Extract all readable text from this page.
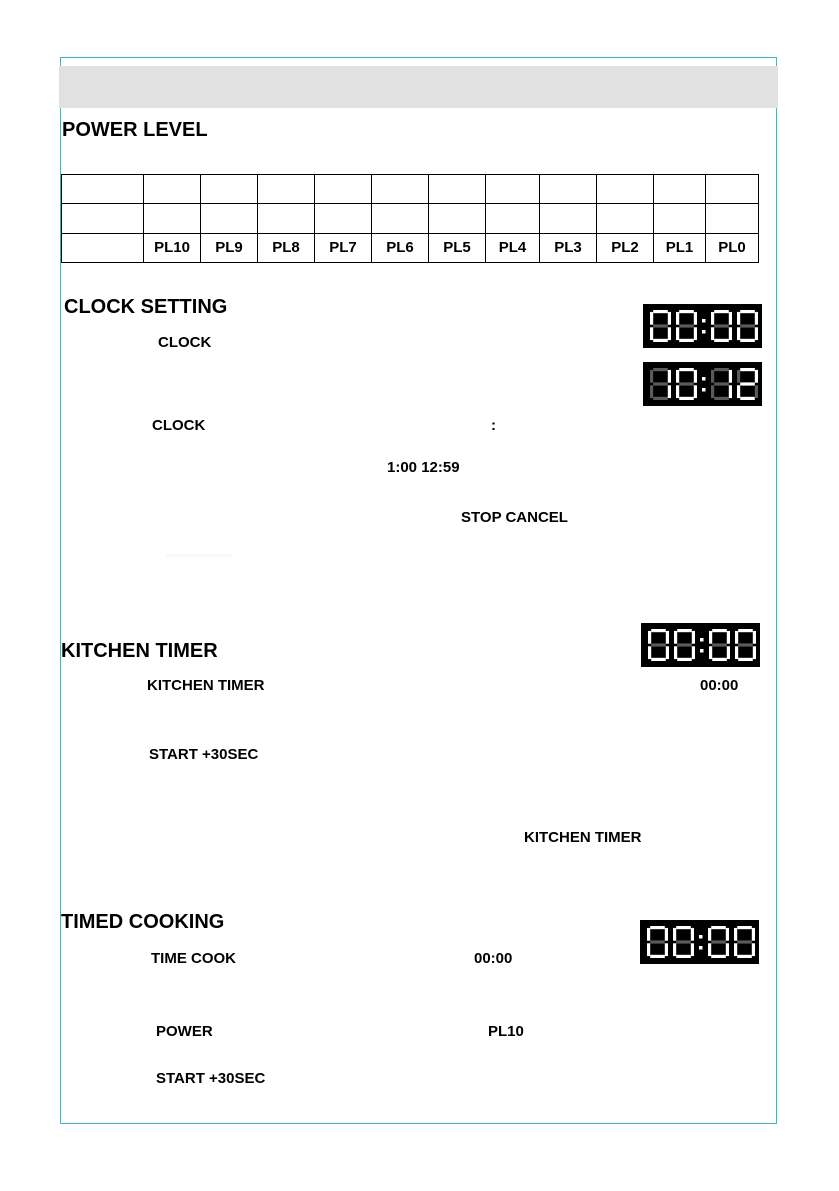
POWER LEVEL

	PL10	PL9	PL8	PL7	PL6	PL5	PL4	PL3	PL2	PL1	PL0
CLOCK SETTING
CLOCK
CLOCK	:
1:00 12:59
STOP CANCEL
KITCHEN TIMER
KITCHEN TIMER	00:00
START +30SEC
KITCHEN TIMER
TIMED COOKING
TIME COOK	00:00
POWER	PL10
START +30SEC
